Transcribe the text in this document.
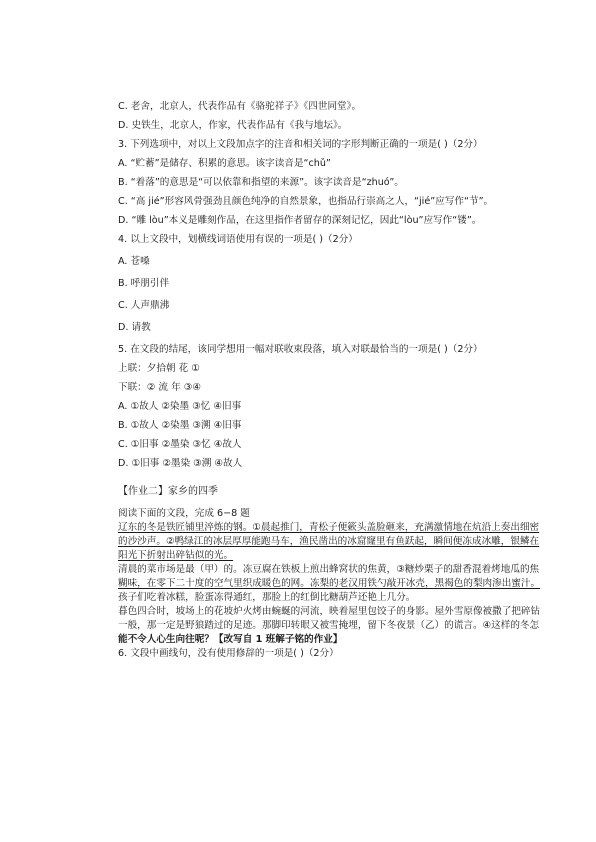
C. 老舍，北京人，代表作品有《骆驼祥子》《四世同堂》。
D. 史铁生，北京人，作家，代表作品有《我与地坛》。
3. 下列选项中，对以上文段加点字的注音和相关词的字形判断正确的一项是( )（2分）
A. “贮蓄”是储存、积累的意思。该字读音是“chǔ”
B. “着落”的意思是“可以依靠和指望的来源”。该字读音是“zhuó”。
C. “高 jié”形容风骨强劲且颜色纯净的自然景象，也指品行崇高之人，“jié”应写作“节”。
D. “雕 lòu”本义是雕刻作品，在这里指作者留存的深刻记忆，因此“lòu”应写作“镂”。
4. 以上文段中，划横线词语使用有误的一项是( )（2分）
A. 苍嗓
B. 呼朋引伴
C. 人声鼎沸
D. 请教
5. 在文段的结尾，该同学想用一幅对联收束段落，填入对联最恰当的一项是( )（2分）
上联：夕拾朝 花 ①
下联：② 流 年 ③④
A. ①故人 ②染墨 ③忆 ④旧事
B. ①故人 ②染墨 ③溯 ④旧事
C. ①旧事 ②墨染 ③忆 ④故人
D. ①旧事 ②墨染 ③溯 ④故人
【作业二】家乡的四季
阅读下面的文段，完成 6−8 题
辽东的冬是铁匠铺里淬炼的钢。①晨起推门，青松子便簌头盖脸砸来，充满激情地在炕沿上奏出细密
的沙沙声。②鸭绿江的冰层厚厚能跑马车，渔民凿出的冰窟窿里有鱼跃起，瞬间便冻成冰雕，银鳞在
阳光下折射出碎钻似的光。
清晨的菜市场是最（甲）的。冻豆腐在铁板上煎出蜂窝状的焦黄，③糖炒栗子的甜香混着烤地瓜的焦
糊味，在零下二十度的空气里织成暖色的网。冻梨的老汉用铁勺敲开冰壳，黑褐色的梨肉渗出蜜汁。
孩子们吃着冰糕，脸蛋冻得通红，那脸上的红倒比糖葫芦还艳上几分。
暮色四合时，坡场上的花坡炉火烤由蜿蜒的河流，映着屋里包饺子的身影。屋外雪原像被撒了把碎钻
一般，那一定是野狼踏过的足迹。那脚印转眼又被雪掩埋，留下冬夜景（乙）的谎言。④这样的冬怎
能不令人心生向往呢？【改写自 1 班解子铭的作业】
6. 文段中画线句，没有使用修辞的一项是( )（2分）
